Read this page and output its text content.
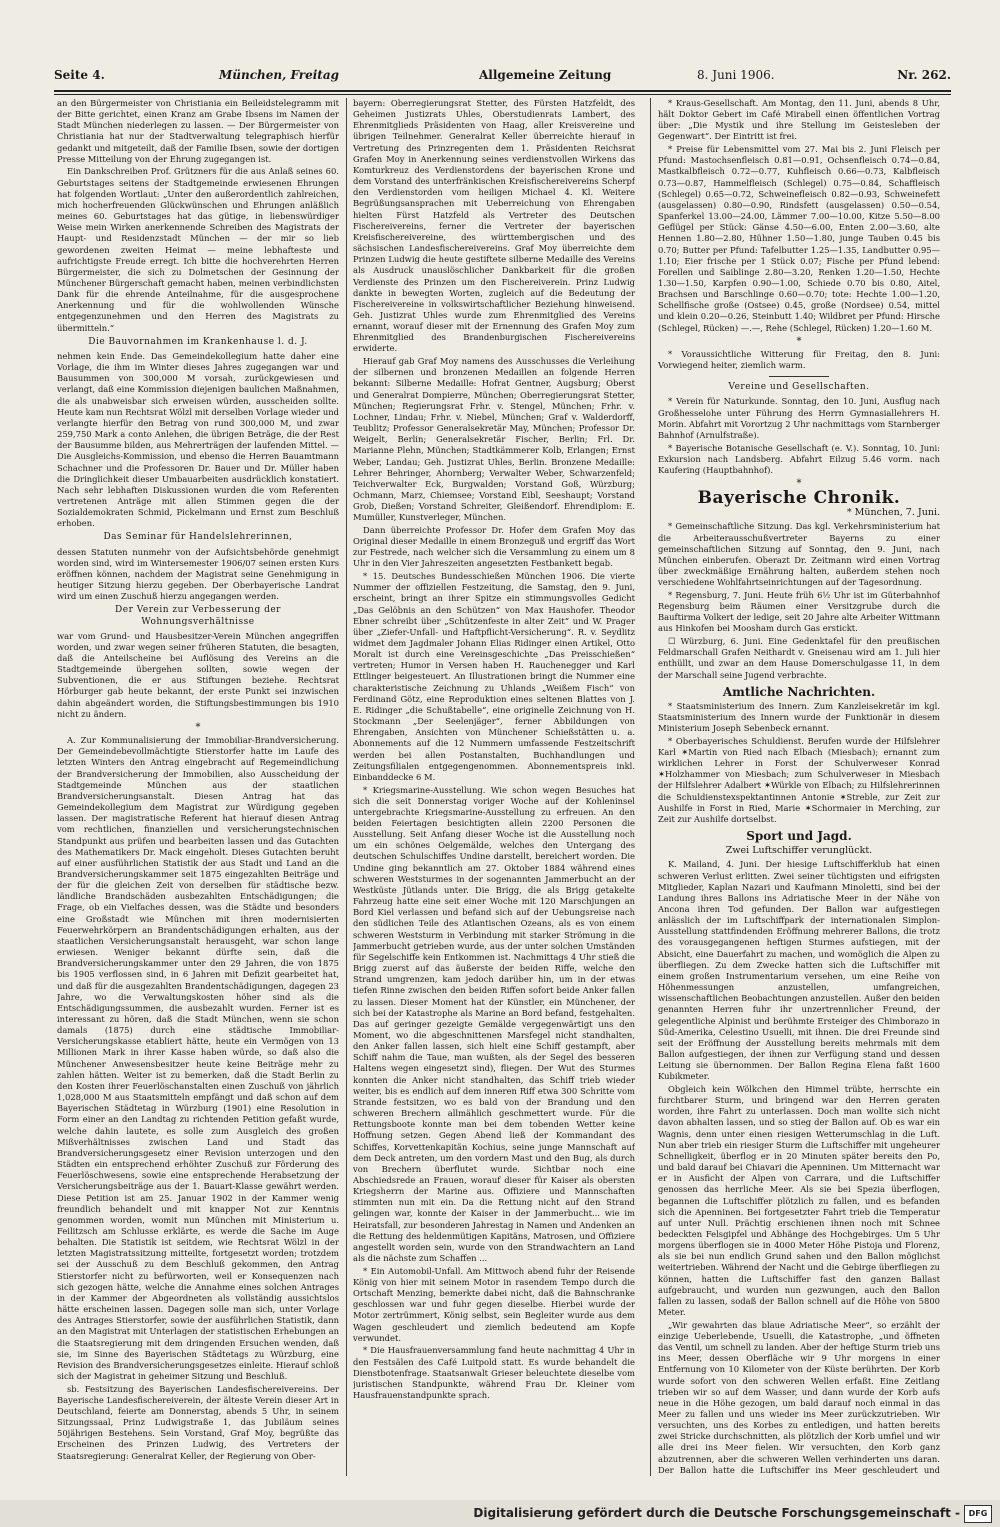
Seite 4.	München, Freitag	Allgemeine Zeitung	8. Juni 1906.	Nr. 262.

an den Bürgermeister von Christiania ein Beileidstelegramm mit der Bitte gerichtet, einen Kranz am Grabe Ibsens im Namen der Stadt München niederlegen zu lassen. — Der Bürgermeister von Christiania hat nur der Stadtverwaltung telegraphisch hierfür gedankt und mitgeteilt, daß der Familie Ibsen, sowie der dortigen Presse Mitteilung von der Ehrung zugegangen ist.

Ein Dankschreiben Prof. Grützners für die aus Anlaß seines 60. Geburtstages seitens der Stadtgemeinde erwiesenen Ehrungen hat folgenden Wortlaut: „Unter den außerordentlich zahlreichen, mich hocherfreuenden Glückwünschen und Ehrungen anläßlich meines 60. Geburtstages hat das gütige, in liebenswürdiger Weise mein Wirken anerkennende Schreiben des Magistrats der Haupt- und Residenzstadt München — der mir so lieb gewordenen zweiten Heimat — meine lebhafteste und aufrichtigste Freude erregt. Ich bitte die hochverehrten Herren Bürgermeister, die sich zu Dolmetschen der Gesinnung der Münchener Bürgerschaft gemacht haben, meinen verbindlichsten Dank für die ehrende Anteilnahme, für die ausgesprochene Anerkennung und für die wohlwollenden Wünsche entgegenzunehmen und den Herren des Magistrats zu übermitteln.“

Die Bauvornahmen im Krankenhause l. d. J.

nehmen kein Ende. Das Gemeindekollegium hatte daher eine Vorlage, die ihm im Winter dieses Jahres zugegangen war und Bausummen von 300,000 M vorsah, zurückgewiesen und verlangt, daß eine Kommission diejenigen baulichen Maßnahmen, die als unabweisbar sich erweisen würden, ausscheiden sollte. Heute kam nun Rechtsrat Wölzl mit derselben Vorlage wieder und verlangte hierfür den Betrag von rund 300,000 M, und zwar 259,750 Mark a conto Anlehen, die übrigen Beträge, die der Rest der Bausumme bilden, aus Mehrerträgen der laufenden Mittel. — Die Ausgleichs-Kommission, und ebenso die Herren Bauamtmann Schachner und die Professoren Dr. Bauer und Dr. Müller haben die Dringlichkeit dieser Umbauarbeiten ausdrücklich konstatiert. Nach sehr lebhaften Diskussionen wurden die vom Referenten vertretenen Anträge mit allen Stimmen gegen die der Sozialdemokraten Schmid, Pickelmann und Ernst zum Beschluß erhoben.

Das Seminar für Handelslehrerinnen,

dessen Statuten nunmehr von der Aufsichtsbehörde genehmigt worden sind, wird im Wintersemester 1906/07 seinen ersten Kurs eröffnen können, nachdem der Magistrat seine Genehmigung in heutiger Sitzung hierzu gegeben. Der Oberbayerische Landrat wird um einen Zuschuß hierzu angegangen werden.

Der Verein zur Verbesserung der Wohnungsverhältnisse

war vom Grund- und Hausbesitzer-Verein München angegriffen worden, und zwar wegen seiner früheren Statuten, die besagten, daß die Anteilscheine bei Auflösung des Vereins an die Stadtgemeinde übergehen sollten, sowie wegen der Subventionen, die er aus Stiftungen beziehe. Rechtsrat Hörburger gab heute bekannt, der erste Punkt sei inzwischen dahin abgeändert worden, die Stiftungsbestimmungen bis 1910 nicht zu ändern.

*

A. Zur Kommunalisierung der Immobiliar-Brandversicherung. Der Gemeindebevollmächtigte Stierstorfer hatte im Laufe des letzten Winters den Antrag eingebracht auf Regemeindlichung der Brandversicherung der Immobilien, also Ausscheidung der Stadtgemeinde München aus der staatlichen Brandversicherungsanstalt. Diesen Antrag hat das Gemeindekollegium dem Magistrat zur Würdigung gegeben lassen. Der magistratische Referent hat hierauf diesen Antrag vom rechtlichen, finanziellen und versicherungstechnischen Standpunkt aus prüfen und bearbeiten lassen und das Gutachten des Mathematikers Dr. Mack eingeholt. Dieses Gutachten beruht auf einer ausführlichen Statistik der aus Stadt und Land an die Brandversicherungskammer seit 1875 eingezahlten Beiträge und der für die gleichen Zeit von derselben für städtische bezw. ländliche Brandschäden ausbezahlten Entschädigungen; die Frage, ob ein Vielfaches dessen, was die Städte und besonders eine Großstadt wie München mit ihren modernisierten Feuerwehrkörpern an Brandentschädigungen erhalten, aus der staatlichen Versicherungsanstalt herausgeht, war schon lange erwiesen. Weniger bekannt dürfte sein, daß die Brandversicherungskammer unter den 29 Jahren, die von 1875 bis 1905 verflossen sind, in 6 Jahren mit Defizit gearbeitet hat, und daß für die ausgezahlten Brandentschädigungen, dagegen 23 Jahre, wo die Verwaltungskosten höher sind als die Entschädigungssummen, die ausbezahlt wurden. Ferner ist es interessant zu hören, daß die Stadt München, wenn sie schon damals (1875) durch eine städtische Immobiliar-Versicherungskasse etabliert hätte, heute ein Vermögen von 13 Millionen Mark in ihrer Kasse haben würde, so daß also die Münchener Anwesensbesitzer heute keine Beiträge mehr zu zahlen hätten. Weiter ist zu bemerken, daß die Stadt Berlin zu den Kosten ihrer Feuerlöschanstalten einen Zuschuß von jährlich 1,028,000 M aus Staatsmitteln empfängt und daß schon auf dem Bayerischen Städtetag in Würzburg (1901) eine Resolution in Form einer an den Landtag zu richtenden Petition gefaßt wurde, welche dahin lautete, es solle zum Ausgleich des großen Mißverhältnisses zwischen Land und Stadt das Brandversicherungsgesetz einer Revision unterzogen und den Städten ein entsprechend erhöhter Zuschuß zur Förderung des Feuerlöschwesens, sowie eine entsprechende Herabsetzung der Versicherungsbeiträge aus der 1. Bauart-Klasse gewährt werden. Diese Petition ist am 25. Januar 1902 in der Kammer wenig freundlich behandelt und mit knapper Not zur Kenntnis genommen worden, womit nun München mit Ministerium u. Feilitzsch am Schlusse erklärte, es werde die Sache im Auge behalten. Die Statistik ist seitdem, wie Rechtsrat Wölzl in der letzten Magistratssitzung mitteilte, fortgesetzt worden; trotzdem sei der Ausschuß zu dem Beschluß gekommen, den Antrag Stierstorfer nicht zu befürworten, weil er Konsequenzen nach sich gezogen hätte, welche die Annahme eines solchen Antrages in der Kammer der Abgeordneten als vollständig aussichtslos hätte erscheinen lassen. Dagegen solle man sich, unter Vorlage des Antrages Stierstorfer, sowie der ausführlichen Statistik, dann an den Magistrat mit Unterlagen der statistischen Erhebungen an die Staatsregierung mit dem dringenden Ersuchen wenden, daß sie, im Sinne des Bayerischen Städtetags zu Würzburg, eine Revision des Brandversicherungsgesetzes einleite. Hierauf schloß sich der Magistrat in geheimer Sitzung und Beschluß.

sb. Festsitzung des Bayerischen Landesfischereivereins. Der Bayerische Landesfischereiverein, der älteste Verein dieser Art in Deutschland, feierte am Donnerstag, abends 5 Uhr, in seinem Sitzungssaal, Prinz Ludwigstraße 1, das Jubiläum seines 50jährigen Bestehens. Sein Vorstand, Graf Moy, begrüßte das Erscheinen des Prinzen Ludwig, des Vertreters der Staatsregierung: Generalrat Keller, der Regierung von Ober-

bayern: Oberregierungsrat Stetter, des Fürsten Hatzfeldt, des Geheimen Justizrats Uhles, Oberstudienrats Lambert, des Ehrenmitglieds Präsidenten von Haag, aller Kreisvereine und übrigen Teilnehmer. Generalrat Keller überreichte hierauf in Vertretung des Prinzregenten dem 1. Präsidenten Reichsrat Grafen Moy in Anerkennung seines verdienstvollen Wirkens das Komturkreuz des Verdienstordens der bayerischen Krone und dem Vorstand des unterfränkischen Kreisfischereivereins Scherpf den Verdienstorden vom heiligen Michael 4. Kl. Weitere Begrüßungsansprachen mit Ueberreichung von Ehrengaben hielten Fürst Hatzfeld als Vertreter des Deutschen Fischereivereins, ferner die Vertreter der bayerischen Kreisfischereivereine, des württembergischen und des sächsischen Landesfischereivereins. Graf Moy überreichte dem Prinzen Ludwig die heute gestiftete silberne Medaille des Vereins als Ausdruck unauslöschlicher Dankbarkeit für die großen Verdienste des Prinzen um den Fischereiverein. Prinz Ludwig dankte in bewegten Worten, zugleich auf die Bedeutung der Fischereivereine in volkswirtschaftlicher Beziehung hinweisend. Geh. Justizrat Uhles wurde zum Ehrenmitglied des Vereins ernannt, worauf dieser mit der Ernennung des Grafen Moy zum Ehrenmitglied des Brandenburgischen Fischereivereins erwiderte.

Hierauf gab Graf Moy namens des Ausschusses die Verleihung der silbernen und bronzenen Medaillen an folgende Herren bekannt: Silberne Medaille: Hofrat Gentner, Augsburg; Oberst und Generalrat Dompierre, München; Oberregierungsrat Stetter, München; Regierungsrat Frhr. v. Stengel, München; Frhr. v. Lochner, Lindau; Frhr. v. Niebel, München; Graf v. Walderdorff, Teublitz; Professor Generalsekretär May, München; Professor Dr. Weigelt, Berlin; Generalsekretär Fischer, Berlin; Frl. Dr. Marianne Plehn, München; Stadtkämmerer Kolb, Erlangen; Ernst Weber, Landau; Geh. Justizrat Uhles, Berlin. Bronzene Medaille: Lehrer Behringer, Ahornberg; Verwalter Weber, Schwarzenfeld; Teichverwalter Eck, Burgwalden; Vorstand Goß, Würzburg; Ochmann, Marz, Chiemsee; Vorstand Eibl, Seeshaupt; Vorstand Grob, Dießen; Vorstand Schreiter, Gleißendorf. Ehrendiplom: E. Mumüller, Kunstverleger, München.

Dann überreichte Professor Dr. Hofer dem Grafen Moy das Original dieser Medaille in einem Bronzeguß und ergriff das Wort zur Festrede, nach welcher sich die Versammlung zu einem um 8 Uhr in den Vier Jahreszeiten angesetzten Festbankett begab.

* 15. Deutsches Bundesschießen München 1906. Die vierte Nummer der offiziellen Festzeitung, die Samstag, den 9. Juni, erscheint, bringt an ihrer Spitze ein stimmungsvolles Gedicht „Das Gelöbnis an den Schützen“ von Max Haushofer. Theodor Ebner schreibt über „Schützenfeste in alter Zeit“ und W. Prager über „Ziefer-Unfall- und Haftpflicht-Versicherung“. R. v. Seydlitz widmet dem Jagdmaler Johann Elias Ridinger einen Artikel, Otto Moralt ist durch eine Vereinsgeschichte „Das Preisschießen“ vertreten; Humor in Versen haben H. Rauchenegger und Karl Ettlinger beigesteuert. An Illustrationen bringt die Nummer eine charakteristische Zeichnung zu Uhlands „Weißem Fisch“ von Ferdinand Götz, eine Reproduktion eines seltenen Blattes von J. E. Ridinger „die Schußtabelle“, eine originelle Zeichnung von H. Stockmann „Der Seelenjäger“, ferner Abbildungen von Ehrengaben, Ansichten von Münchener Schießstätten u. a. Abonnements auf die 12 Nummern umfassende Festzeitschrift werden bei allen Postanstalten, Buchhandlungen und Zeitungsfilialen entgegengenommen. Abonnementspreis inkl. Einbanddecke 6 M.

* Kriegsmarine-Ausstellung. Wie schon wegen Besuches hat sich die seit Donnerstag voriger Woche auf der Kohleninsel untergebrachte Kriegsmarine-Ausstellung zu erfreuen. An den beiden Feiertagen besichtigten allein 2200 Personen die Ausstellung. Seit Anfang dieser Woche ist die Ausstellung noch um ein schönes Oelgemälde, welches den Untergang des deutschen Schulschiffes Undine darstellt, bereichert worden. Die Undine ging bekanntlich am 27. Oktober 1884 während eines schweren Weststurmes in der sogenannten Jammerbucht an der Westküste Jütlands unter. Die Brigg, die als Brigg getakelte Fahrzeug hatte eine seit einer Woche mit 120 Marschjungen an Bord Kiel verlassen und befand sich auf der Uebungsreise nach den südlichen Teile des Atlantischen Ozeans, als es von einem schweren Weststurm in Verbindung mit starker Strömung in die Jammerbucht getrieben wurde, aus der unter solchen Umständen für Segelschiffe kein Entkommen ist. Nachmittags 4 Uhr stieß die Brigg zuerst auf das äußerste der beiden Riffe, welche den Strand umgrenzen, kam jedoch darüber hin, um in der etwas tiefen Rinne zwischen den beiden Riffen sofort beide Anker fallen zu lassen. Dieser Moment hat der Künstler, ein Münchener, der sich bei der Katastrophe als Marine an Bord befand, festgehalten. Das auf geringer gezeigte Gemälde vergegenwärtigt uns den Moment, wo die abgeschnittenen Marsfegel nicht standhalten, den Anker fallen lassen, sich hielt eine Schiff gestampft, aber Schiff nahm die Taue, man wußten, als der Segel des besseren Haltens wegen eingesetzt sind), fliegen. Der Wut des Sturmes konnten die Anker nicht standhalten, das Schiff trieb wieder weiter, bis es endlich auf dem inneren Riff etwa 300 Schritte vom Strande festsitzen, wo es bald von der Brandung und den schweren Brechern allmählich geschmettert wurde. Für die Rettungsboote konnte man bei dem tobenden Wetter keine Hoffnung setzen. Gegen Abend ließ der Kommandant des Schiffes, Korvettenkapitän Kochius, seine junge Mannschaft auf dem Deck antreten, um den vordern Mast und den Bug, als durch von Brechern überflutet wurde. Sichtbar noch eine Abschiedsrede an Frauen, worauf dieser für Kaiser als obersten Kriegsherrn der Marine aus. Offiziere und Mannschaften stimmten nun mit ein. Da die Rettung nicht auf den Strand gelingen war, konnte der Kaiser in der Jammerbucht... wie im Heiratsfall, zur besonderen Jahrestag in Namen und Andenken an die Rettung des heldenmütigen Kapitäns, Matrosen, und Offiziere angestellt worden sein, wurde von den Strandwachtern an Land als die nächste zum Schaffen ...

* Ein Automobil-Unfall. Am Mittwoch abend fuhr der Reisende König von hier mit seinem Motor in rasendem Tempo durch die Ortschaft Menzing, bemerkte dabei nicht, daß die Bahnschranke geschlossen war und fuhr gegen dieselbe. Hierbei wurde der Motor zertrümmert, König selbst, sein Begleiter wurde aus dem Wagen geschleudert und ziemlich bedeutend am Kopfe verwundet.

* Die Hausfrauenversammlung fand heute nachmittag 4 Uhr in den Festsälen des Café Luitpold statt. Es wurde behandelt die Dienstbotenfrage. Staatsanwalt Grieser beleuchtete dieselbe vom juristischen Standpunkte, während Frau Dr. Kleiner vom Hausfrauenstandpunkte sprach.

* Kraus-Gesellschaft. Am Montag, den 11. Juni, abends 8 Uhr, hält Doktor Gebert im Café Mirabell einen öffentlichen Vortrag über: „Die Mystik und ihre Stellung im Geistesleben der Gegenwart“. Der Eintritt ist frei.

* Preise für Lebensmittel vom 27. Mai bis 2. Juni Fleisch per Pfund: Mastochsenfleisch 0.81—0.91, Ochsenfleisch 0.74—0.84, Mastkalbfleisch 0.72—0.77, Kuhfleisch 0.66—0.73, Kalbfleisch 0.73—0.87, Hammelfleisch (Schlegel) 0.75—0.84, Schaffleisch (Schlegel) 0.65—0.72, Schweinefleisch 0.82—0.93, Schweinefett (ausgelassen) 0.80—0.90, Rindsfett (ausgelassen) 0.50—0.54, Spanferkel 13.00—24.00, Lämmer 7.00—10.00, Kitze 5.50—8.00 Geflügel per Stück: Gänse 4.50—6.00, Enten 2.00—3.60, alte Hennen 1.80—2.80, Hühner 1.50—1.80, junge Tauben 0.45 bis 0.70; Butter per Pfund: Tafelbutter 1.25—1.35, Landbutter 0.95—1.10; Eier frische per 1 Stück 0.07; Fische per Pfund lebend: Forellen und Saiblinge 2.80—3.20, Renken 1.20—1.50, Hechte 1.30—1.50, Karpfen 0.90—1.00, Schiede 0.70 bis 0.80, Aitel, Brachsen und Barschlinge 0.60—0.70; tote: Hechte 1.00—1.20, Schellfische große (Ostsee) 0.45, große (Nordsee) 0.54, mittel und klein 0.20—0.26, Steinbutt 1.40; Wildbret per Pfund: Hirsche (Schlegel, Rücken) —.—, Rehe (Schlegel, Rücken) 1.20—1.60 M.

*

* Voraussichtliche Witterung für Freitag, den 8. Juni: Vorwiegend heiter, ziemlich warm.

Vereine und Gesellschaften.

* Verein für Naturkunde. Sonntag, den 10. Juni, Ausflug nach Großhesselohe unter Führung des Herrn Gymnasiallehrers H. Morin. Abfahrt mit Vorortzug 2 Uhr nachmittags vom Starnberger Bahnhof (Arnulfstraße).

* Bayerische Botanische Gesellschaft (e. V.). Sonntag, 10. Juni: Exkursion nach Landsberg. Abfahrt Eilzug 5.46 vorm. nach Kaufering (Hauptbahnhof).

*
Bayerische Chronik.
* München, 7. Juni.

* Gemeinschaftliche Sitzung. Das kgl. Verkehrsministerium hat die Arbeiterausschußvertreter Bayerns zu einer gemeinschaftlichen Sitzung auf Sonntag, den 9. Juni, nach München einberufen. Oberazt Dr. Zeitmann wird einen Vortrag über zweckmäßige Ernährung halten, außerdem stehen noch verschiedene Wohlfahrtseinrichtungen auf der Tagesordnung.

* Regensburg, 7. Juni. Heute früh 6½ Uhr ist im Güterbahnhof Regensburg beim Räumen einer Versitzgrube durch die Bauftirma Volkert der ledige, seit 20 Jahre alte Arbeiter Wittmann aus Hinkofen bei Moosham durch Gas erstickt.

☐ Würzburg, 6. Juni. Eine Gedenktafel für den preußischen Feldmarschall Grafen Neithardt v. Gneisenau wird am 1. Juli hier enthüllt, und zwar an dem Hause Domerschulgasse 11, in dem der Marschall seine Jugend verbrachte.

Amtliche Nachrichten.

* Staatsministerium des Innern. Zum Kanzleisekretär im kgl. Staatsministerium des Innern wurde der Funktionär in diesem Ministerium Joseph Sebenbeck ernannt.

* Oberbayerisches Schuldienst. Berufen wurde der Hilfslehrer Karl ✶Martin von Ried nach Elbach (Miesbach); ernannt zum wirklichen Lehrer in Forst der Schulverweser Konrad ✶Holzhammer von Miesbach; zum Schulverweser in Miesbach der Hilfslehrer Adalbert ✶Würkle von Elbach; zu Hilfslehrerinnen die Schuldienstexspektantinnen Antonie ✶Streble, zur Zeit zur Aushilfe in Forst in Ried, Marie ✶Schormaier in Merching, zur Zeit zur Aushilfe dortselbst.

Sport und Jagd.
Zwei Luftschiffer verunglückt.

K. Mailand, 4. Juni. Der hiesige Luftschifferklub hat einen schweren Verlust erlitten. Zwei seiner tüchtigsten und eifrigsten Mitglieder, Kaplan Nazari und Kaufmann Minoletti, sind bei der Landung ihres Ballons ins Adriatische Meer in der Nähe von Ancona ihren Tod gefunden. Der Ballon war aufgestiegen anlässlich der im Luftschiffpark der internationalen Simplon-Ausstellung stattfindenden Eröffnung mehrerer Ballons, die trotz des vorausgegangenen heftigen Sturmes aufstiegen, mit der Absicht, eine Dauerfahrt zu machen, und womöglich die Alpen zu überfliegen. Zu dem Zwecke hatten sich die Luftschiffer mit einem großen Instrumentarium versehen, um eine Reihe von Höhenmessungen anzustellen, umfangreichen, wissenschaftlichen Beobachtungen anzustellen. Außer den beiden genannten Herren fuhr ihr unzertrennlicher Freund, der gelegentliche Alpinist und berühmte Ersteiger des Chimborazo in Süd-Amerika, Celestino Usuelli, mit ihnen. Die drei Freunde sind seit der Eröffnung der Ausstellung bereits mehrmals mit dem Ballon aufgestiegen, der ihnen zur Verfügung stand und dessen Leitung sie übernommen. Der Ballon Regina Elena faßt 1600 Kubikmeter.

Obgleich kein Wölkchen den Himmel trübte, herrschte ein furchtbarer Sturm, und bringend war den Herren geraten worden, ihre Fahrt zu unterlassen. Doch man wollte sich nicht davon abhalten lassen, und so stieg der Ballon auf. Ob es war ein Wagnis, denn unter einen riesigen Wetterumschlag in die Luft. Nun aber trieb ein riesiger Sturm die Luftschiffer mit ungeheurer Schnelligkeit, überflog er in 20 Minuten später bereits den Po, und bald darauf bei Chiavari die Apenninen. Um Mitternacht war er in Ausficht der Alpen von Carrara, und die Luftschiffer genossen das herrliche Meer. Als sie bei Spezia überflogen, begannen die Luftschiffer plötzlich zu fallen, und es befanden sich die Apenninen. Bei fortgesetzter Fahrt trieb die Temperatur auf unter Null. Prächtig erschienen ihnen noch mit Schnee bedeckten Felsgipfel und Abhänge des Hochgebirges. Um 5 Uhr morgens überflogen sie in 4000 Meter Höhe Pistoja und Florenz, als sie bei nun endlich Grund sahen und den Ballon möglichst weitertrieben. Während der Nacht und die Gebirge überfliegen zu können, hatten die Luftschiffer fast den ganzen Ballast aufgebraucht, und wurden nun gezwungen, auch den Ballon fallen zu lassen, sodaß der Ballon schnell auf die Höhe von 5800 Meter.

„Wir gewahrten das blaue Adriatische Meer“, so erzählt der einzige Ueberlebende, Usuelli, die Katastrophe, „und öffneten das Ventil, um schnell zu landen. Aber der heftige Sturm trieb uns ins Meer, dessen Oberfläche wir 9 Uhr morgens in einer Entfernung von 10 Kilometer von der Küste berührten. Der Korb wurde sofort von den schweren Wellen erfaßt. Eine Zeitlang trieben wir so auf dem Wasser, und dann wurde der Korb aufs neue in die Höhe gezogen, um bald darauf noch einmal in das Meer zu fallen und uns wieder ins Meer zurückzutrieben. Wir versuchten, uns des Korbes zu entledigen, und hatten bereits zwei Stricke durchschnitten, als plötzlich der Korb umfiel und wir alle drei ins Meer fielen. Wir versuchten, den Korb ganz abzutrennen, aber die schweren Wellen verhinderten uns daran. Der Ballon hatte die Luftschiffer ins Meer geschleudert und

Digitalisierung gefördert durch die Deutsche Forschungsgemeinschaft -	DFG
